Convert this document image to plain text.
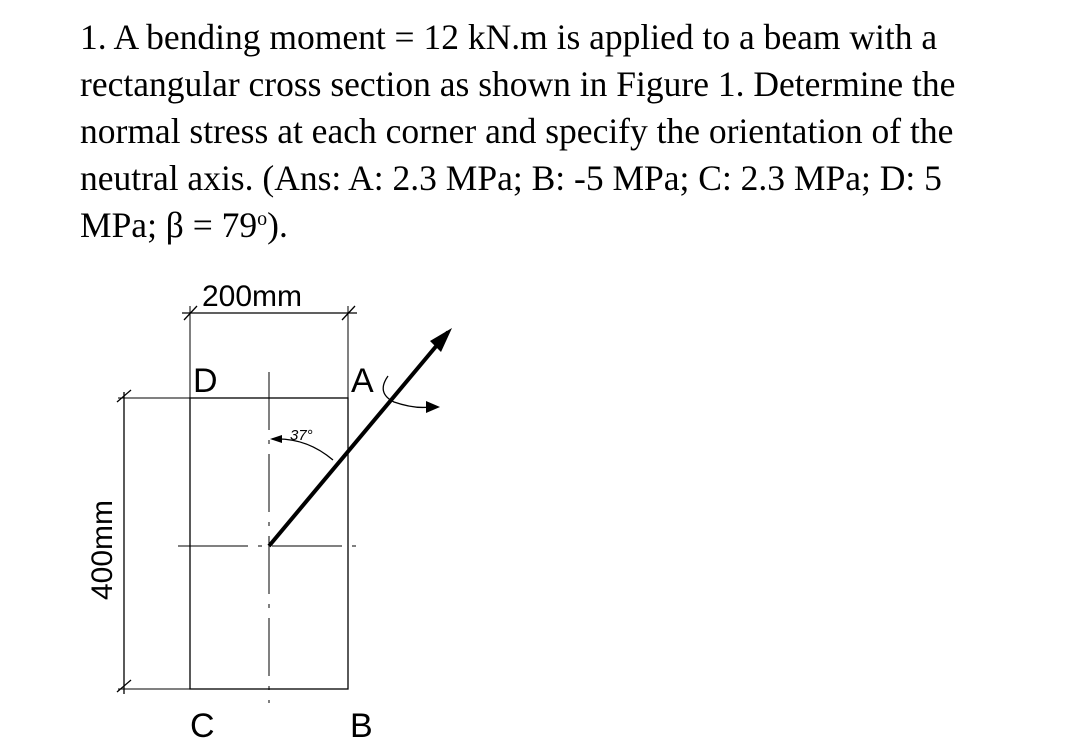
1. A bending moment = 12 kN.m is applied to a beam with a
rectangular cross section as shown in Figure 1. Determine the
normal stress at each corner and specify the orientation of the
neutral axis. (Ans: A: 2.3 MPa; B: -5 MPa; C: 2.3 MPa; D: 5
MPa; $\beta = 79^o$).

200mm
400mm
37°
D	A
C	B
